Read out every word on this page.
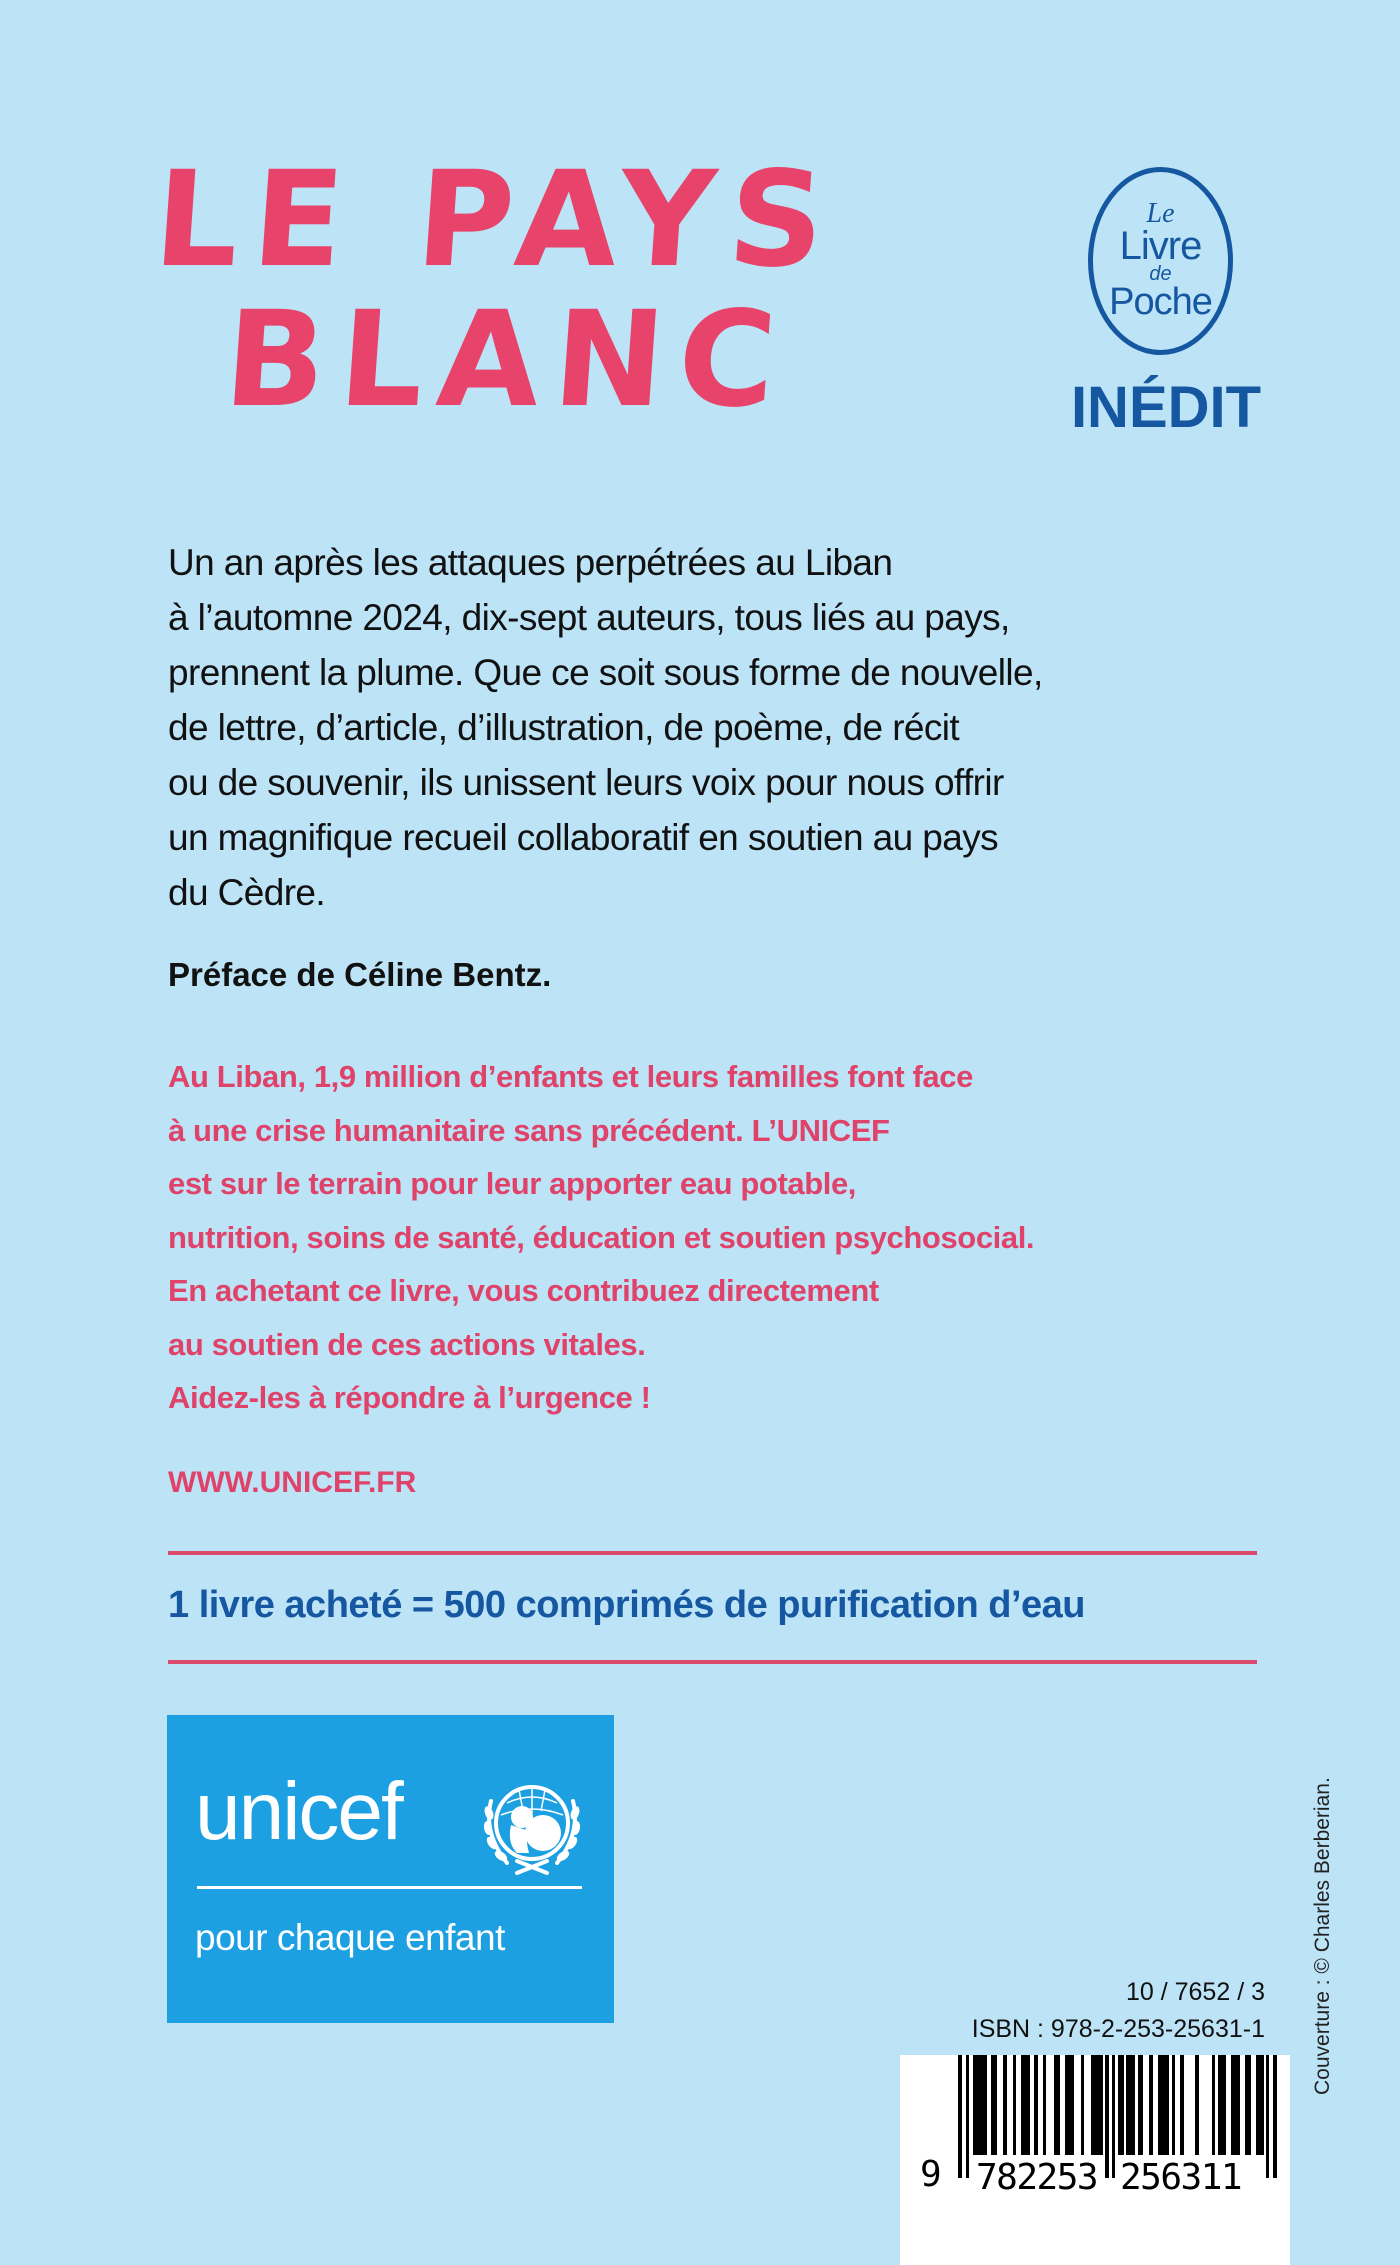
LE PAYS
BLANC
Le
Livre
de
Poche
INÉDIT
Un an après les attaques perpétrées au Liban
à l’automne 2024, dix-sept auteurs, tous liés au pays,
prennent la plume. Que ce soit sous forme de nouvelle,
de lettre, d’article, d’illustration, de poème, de récit
ou de souvenir, ils unissent leurs voix pour nous offrir
un magnifique recueil collaboratif en soutien au pays
du Cèdre.
Préface de Céline Bentz.
Au Liban, 1,9 million d’enfants et leurs familles font face
à une crise humanitaire sans précédent. L’UNICEF
est sur le terrain pour leur apporter eau potable,
nutrition, soins de santé, éducation et soutien psychosocial.
En achetant ce livre, vous contribuez directement
au soutien de ces actions vitales.
Aidez-les à répondre à l’urgence !
WWW.UNICEF.FR
1 livre acheté = 500 comprimés de purification d’eau
unicef
pour chaque enfant
10 / 7652 / 3
ISBN : 978-2-253-25631-1
9 782253 256311
Couverture : © Charles Berberian.
